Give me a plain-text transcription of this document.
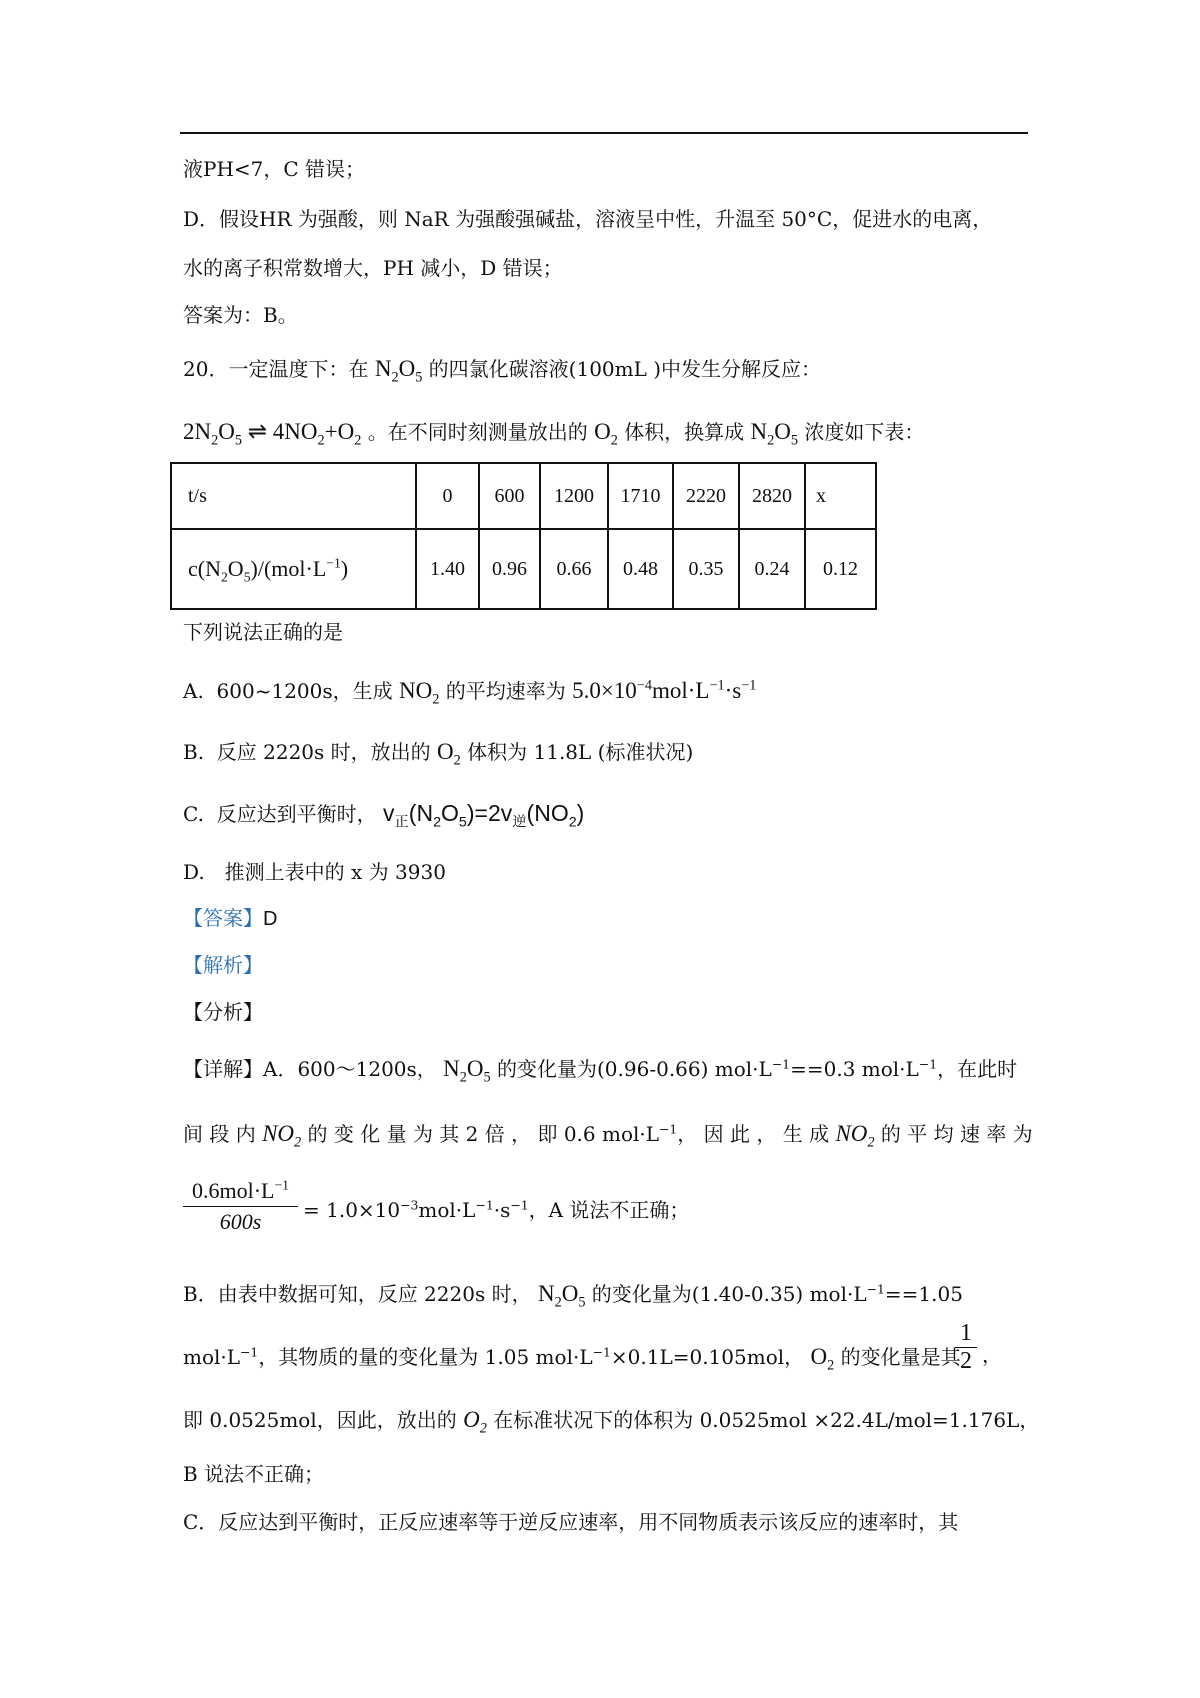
液PH<7，C 错误；
D．假设HR 为强酸，则 NaR 为强酸强碱盐，溶液呈中性，升温至 50°C，促进水的电离，
水的离子积常数增大，PH 减小，D 错误；
答案为：B。
20．一定温度下：在 $N_2O_5$ 的四氯化碳溶液(100mL )中发生分解反应：
$2N_2O_5$ ⇌ $4NO_2+O_2$ 。在不同时刻测量放出的 $O_2$ 体积，换算成 $N_2O_5$ 浓度如下表：
t/s	0	600	1200	1710	2220	2820	x
$c(N_2O_5)/(mol\cdot L^{-1})$	1.40	0.96	0.66	0.48	0.35	0.24	0.12
下列说法正确的是
A. 600~1200s，生成 $NO_2$ 的平均速率为 $5.0\times 10^{-4}mol\cdot L^{-1}\cdot s^{-1}$
B. 反应 2220s 时，放出的 $O_2$ 体积为 11.8L (标准状况)
C. 反应达到平衡时， $v_正(N_2O_5)=2v_逆(NO_2)$
D.　推测上表中的 x 为 3930
【答案】D
【解析】
【分析】
【详解】A．600～1200s， $N_2O_5$ 的变化量为(0.96-0.66) $mol\cdot L^{-1}==0.3$ $mol\cdot L^{-1}$，在此时
间 段 内 $NO_2$ 的 变 化 量 为 其 2 倍 ， 即 0.6 $mol\cdot L^{-1}$， 因 此 ， 生 成 $NO_2$ 的 平 均 速 率 为
$0.6mol\cdot L^{-1}$
600s	= $1.0\times 10^{-3}mol\cdot L^{-1}\cdot s^{-1}$，A 说法不正确；
B．由表中数据可知，反应 2220s 时， $N_2O_5$ 的变化量为(1.40-0.35) $mol\cdot L^{-1}==1.05$
$mol\cdot L^{-1}$，其物质的量的变化量为 1.05 $mol\cdot L^{-1}\times 0.1L=0.105mol$， $O_2$ 的变化量是其
1
2 ，
即 0.0525mol，因此，放出的 $O_2$ 在标准状况下的体积为 0.0525mol ×22.4L/mol=1.176L，
B 说法不正确；
C．反应达到平衡时，正反应速率等于逆反应速率，用不同物质表示该反应的速率时，其
